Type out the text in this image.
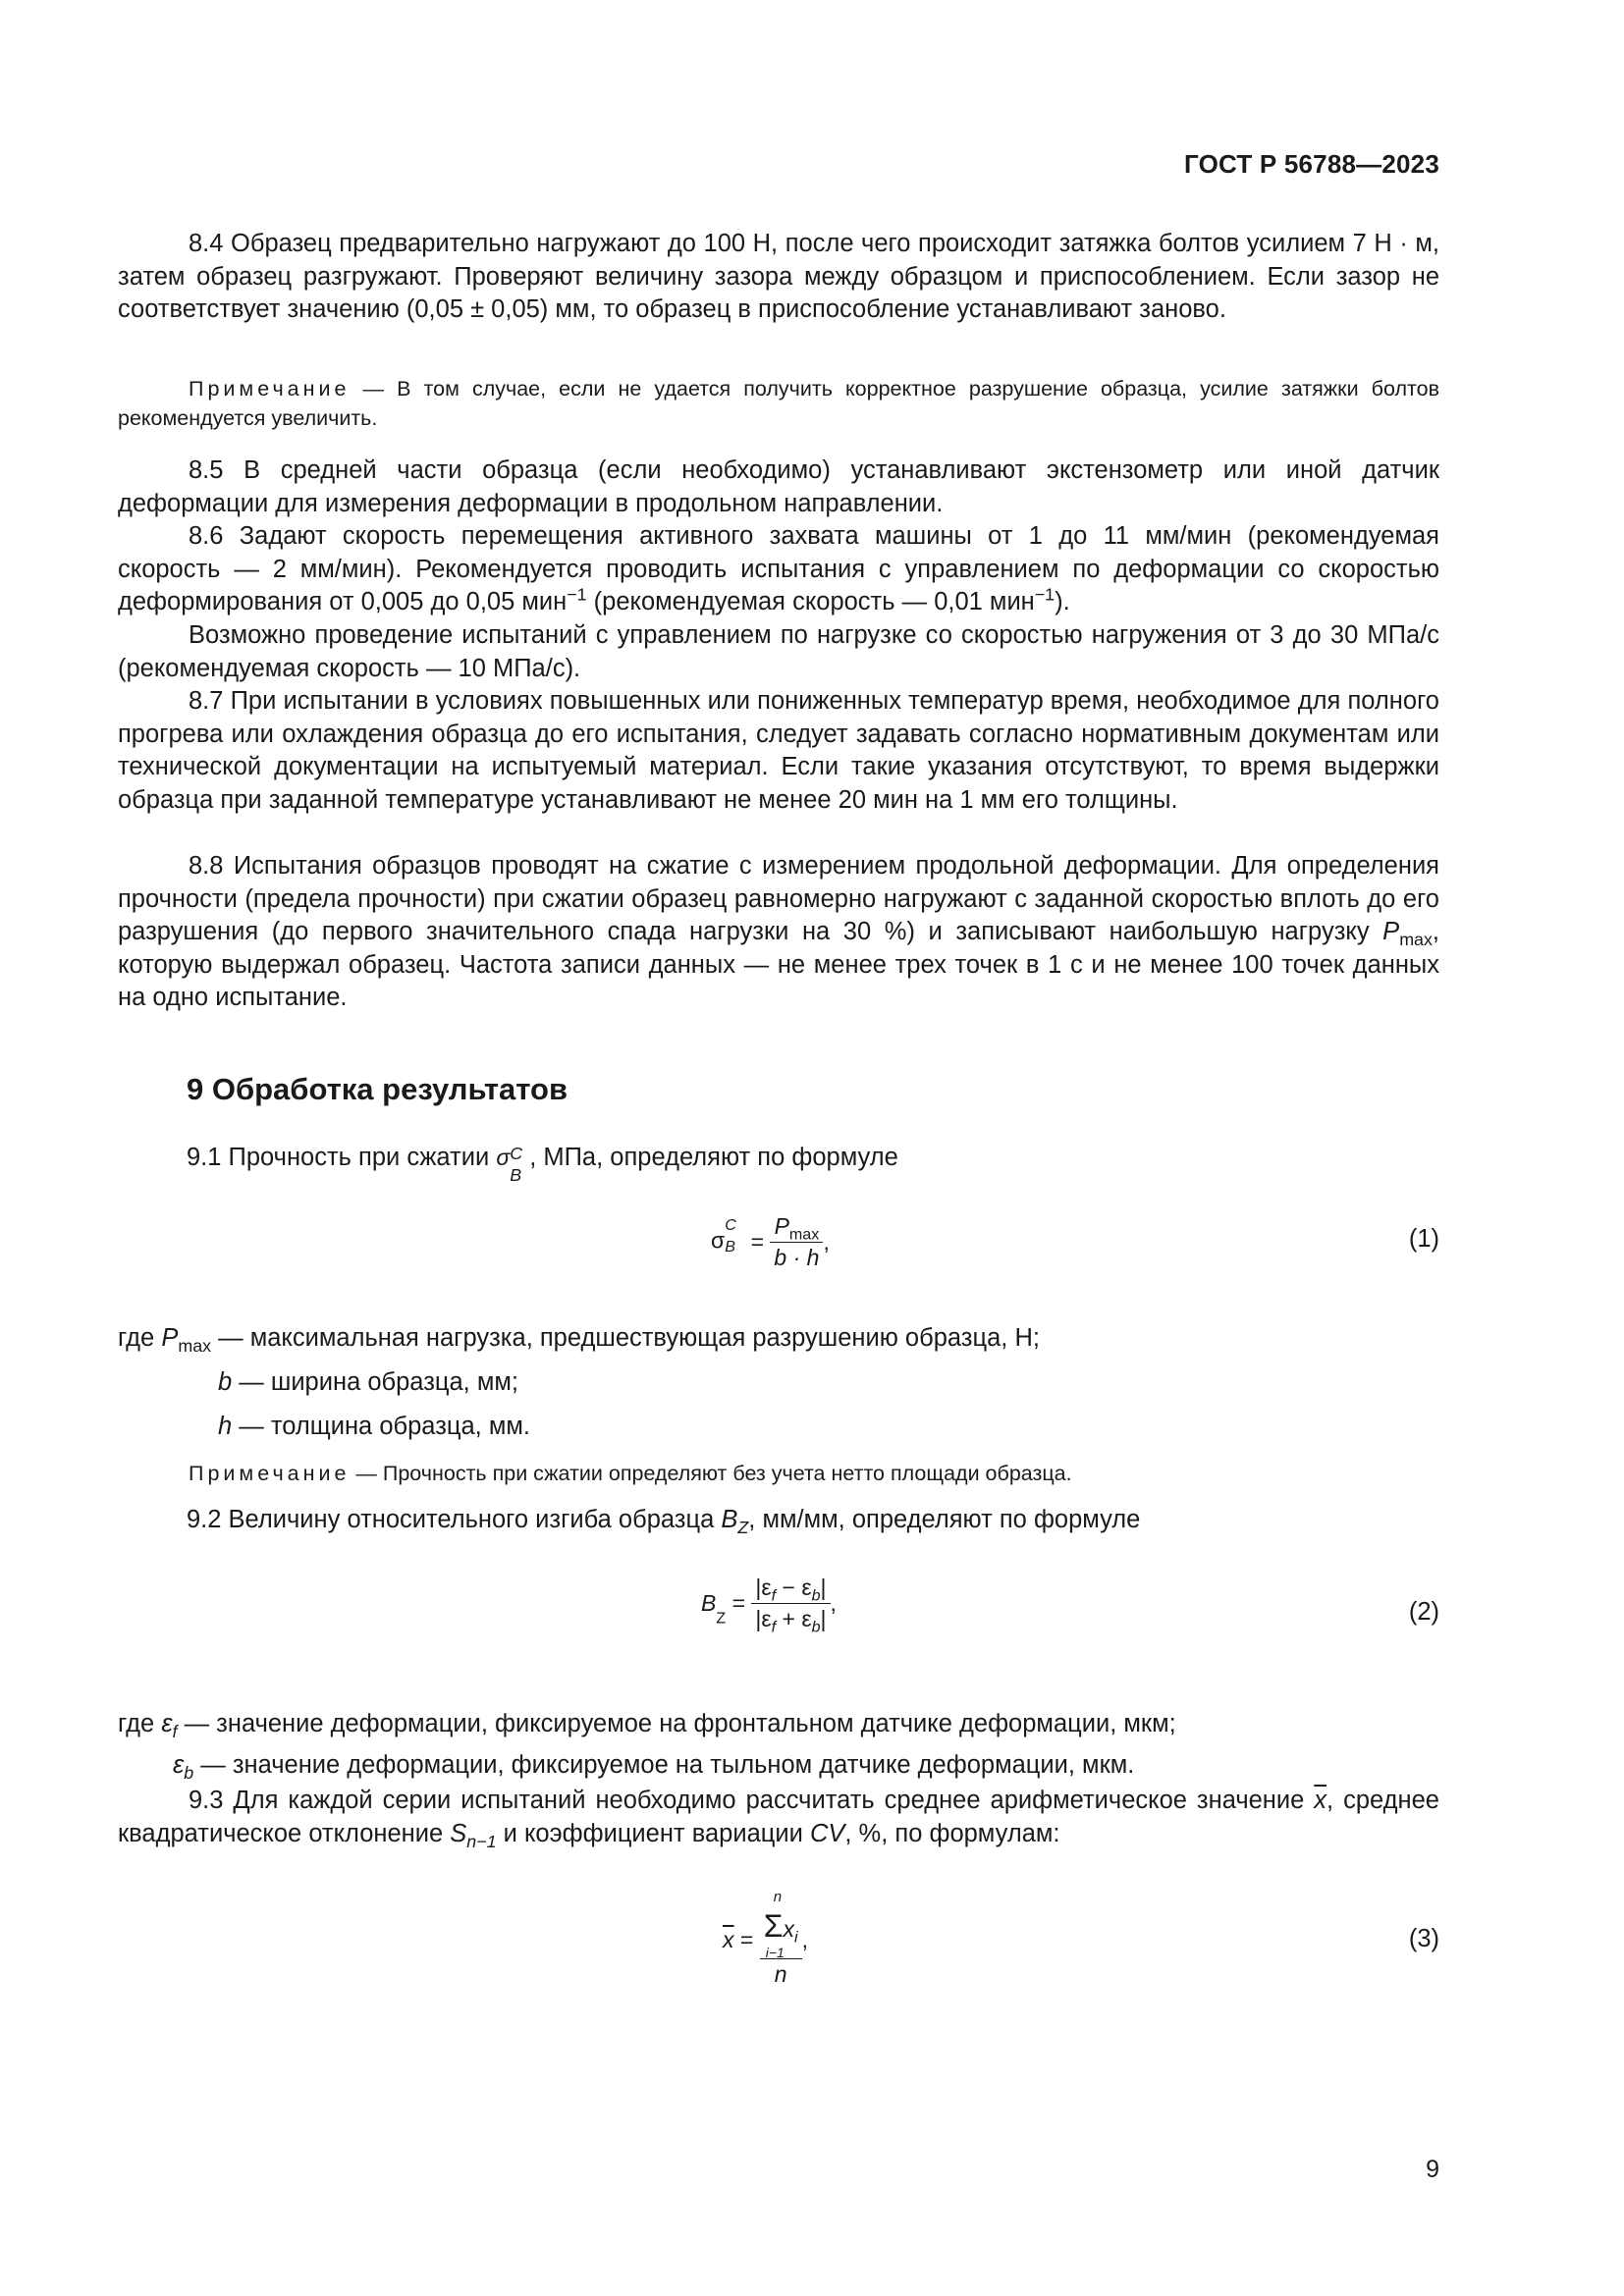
ГОСТ Р 56788—2023
8.4 Образец предварительно нагружают до 100 Н, после чего происходит затяжка болтов усилием 7 Н · м, затем образец разгружают. Проверяют величину зазора между образцом и приспособлением. Если зазор не соответствует значению (0,05 ± 0,05) мм, то образец в приспособление устанавливают заново.
Примечание — В том случае, если не удается получить корректное разрушение образца, усилие затяжки болтов рекомендуется увеличить.
8.5 В средней части образца (если необходимо) устанавливают экстензометр или иной датчик деформации для измерения деформации в продольном направлении.
8.6 Задают скорость перемещения активного захвата машины от 1 до 11 мм/мин (рекомендуемая скорость — 2 мм/мин). Рекомендуется проводить испытания с управлением по деформации со скоростью деформирования от 0,005 до 0,05 мин$^{-1}$ (рекомендуемая скорость — 0,01 мин$^{-1}$).
Возможно проведение испытаний с управлением по нагрузке со скоростью нагружения от 3 до 30 МПа/с (рекомендуемая скорость — 10 МПа/с).
8.7 При испытании в условиях повышенных или пониженных температур время, необходимое для полного прогрева или охлаждения образца до его испытания, следует задавать согласно нормативным документам или технической документации на испытуемый материал. Если такие указания отсутствуют, то время выдержки образца при заданной температуре устанавливают не менее 20 мин на 1 мм его толщины.
8.8 Испытания образцов проводят на сжатие с измерением продольной деформации. Для определения прочности (предела прочности) при сжатии образец равномерно нагружают с заданной скоростью вплоть до его разрушения (до первого значительного спада нагрузки на 30 %) и записывают наибольшую нагрузку $P_{max}$, которую выдержал образец. Частота записи данных — не менее трех точек в 1 с и не менее 100 точек данных на одно испытание.
9 Обработка результатов
9.1 Прочность при сжатии σ C
B
, МПа, определяют по формуле
σ
C
$B = \frac{P_{max}}{b \cdot h}$ ,	(1)
где $P_{max}$ — максимальная нагрузка, предшествующая разрушению образца, Н;
b — ширина образца, мм;
h — толщина образца, мм.
Примечание — Прочность при сжатии определяют без учета нетто площади образца.
9.2 Величину относительного изгиба образца $B_Z$, мм/мм, определяют по формуле
$B_Z = \frac{|\varepsilon_f - \varepsilon_b|}{|\varepsilon_f + \varepsilon_b|}$ ,	(2)
где $\varepsilon_f$ — значение деформации, фиксируемое на фронтальном датчике деформации, мкм;
$\varepsilon_b$ — значение деформации, фиксируемое на тыльном датчике деформации, мкм.
9.3 Для каждой серии испытаний необходимо рассчитать среднее арифметическое значение $\overline{x}$, среднее квадратическое отклонение $S_{n-1}$ и коэффициент вариации CV, %, по формулам:
$\overline{x} = n$
$\Sigma x_i$
i−1
n ,	(3)
9
